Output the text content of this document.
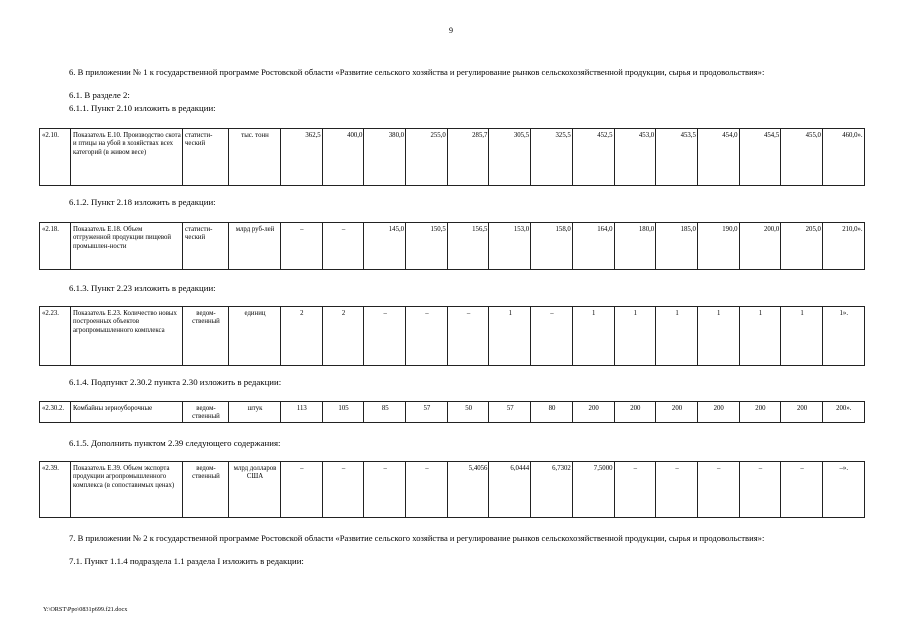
9
6. В приложении № 1 к государственной программе Ростовской области «Развитие сельского хозяйства и регулирование рынков сельскохозяйственной продукции, сырья и продовольствия»:
6.1. В разделе 2:
6.1.1. Пункт 2.10 изложить в редакции:
«2.10.	Показатель Е.10. Производство скота и птицы на убой в хозяйствах всех категорий (в живом весе)	статисти-ческий	тыс. тонн	362,5	400,0	380,0	255,0	285,7	305,5	325,5	452,5	453,0	453,5	454,0	454,5	455,0	460,0».
6.1.2. Пункт 2.18 изложить в редакции:
«2.18.	Показатель Е.18. Объем отгруженной продукции пищевой промышлен-ности	статисти-ческий	млрд руб-лей	–	–	145,0	150,5	156,5	153,0	158,0	164,0	180,0	185,0	190,0	200,0	205,0	210,0».
6.1.3. Пункт 2.23 изложить в редакции:
«2.23.	Показатель Е.23. Количество новых построенных объектов агропромышленного комплекса	ведом-ственный	единиц	2	2	–	–	–	1	–	1	1	1	1	1	1	1».
6.1.4. Подпункт 2.30.2 пункта 2.30 изложить в редакции:
«2.30.2.	Комбайны зерноуборочные	ведом-ственный	штук	113	105	85	57	50	57	80	200	200	200	200	200	200	200».
6.1.5. Дополнить пунктом 2.39 следующего содержания:
«2.39.	Показатель Е.39. Объем экспорта продукции агропромышленного комплекса (в сопоставимых ценах)	ведом-ственный	млрд долларов США	–	–	–	–	5,4056	6,0444	6,7302	7,5000	–	–	–	–	–	–».
7. В приложении № 2 к государственной программе Ростовской области «Развитие сельского хозяйства и регулирование рынков сельскохозяйственной продукции, сырья и продовольствия»:
7.1. Пункт 1.1.4 подраздела 1.1 раздела I изложить в редакции:
Y:\ORST\Ppo\0831p699.f21.docx
